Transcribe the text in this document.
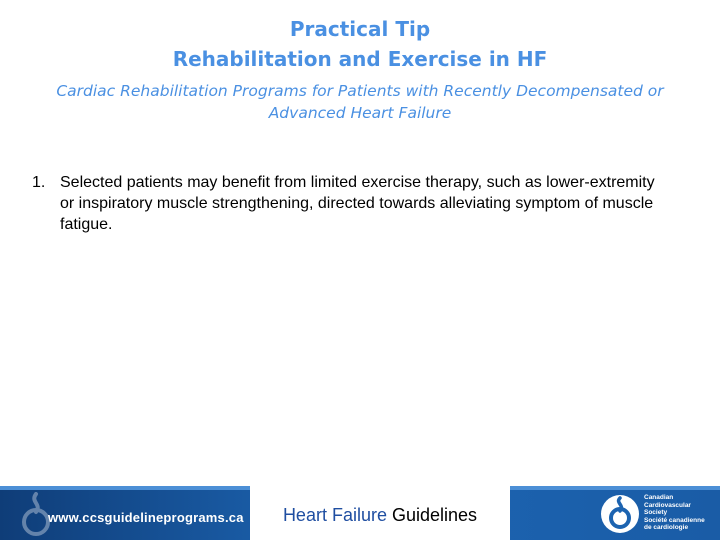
Practical Tip
Rehabilitation and Exercise in HF
Cardiac Rehabilitation Programs for Patients with Recently Decompensated or
Advanced Heart Failure
1. Selected patients may benefit from limited exercise therapy, such as lower-extremity or inspiratory muscle strengthening, directed towards alleviating symptom of muscle fatigue.
www.ccsguidelineprograms.ca	Heart Failure Guidelines
Canadian Cardiovascular Society
Société canadienne de cardiologie
